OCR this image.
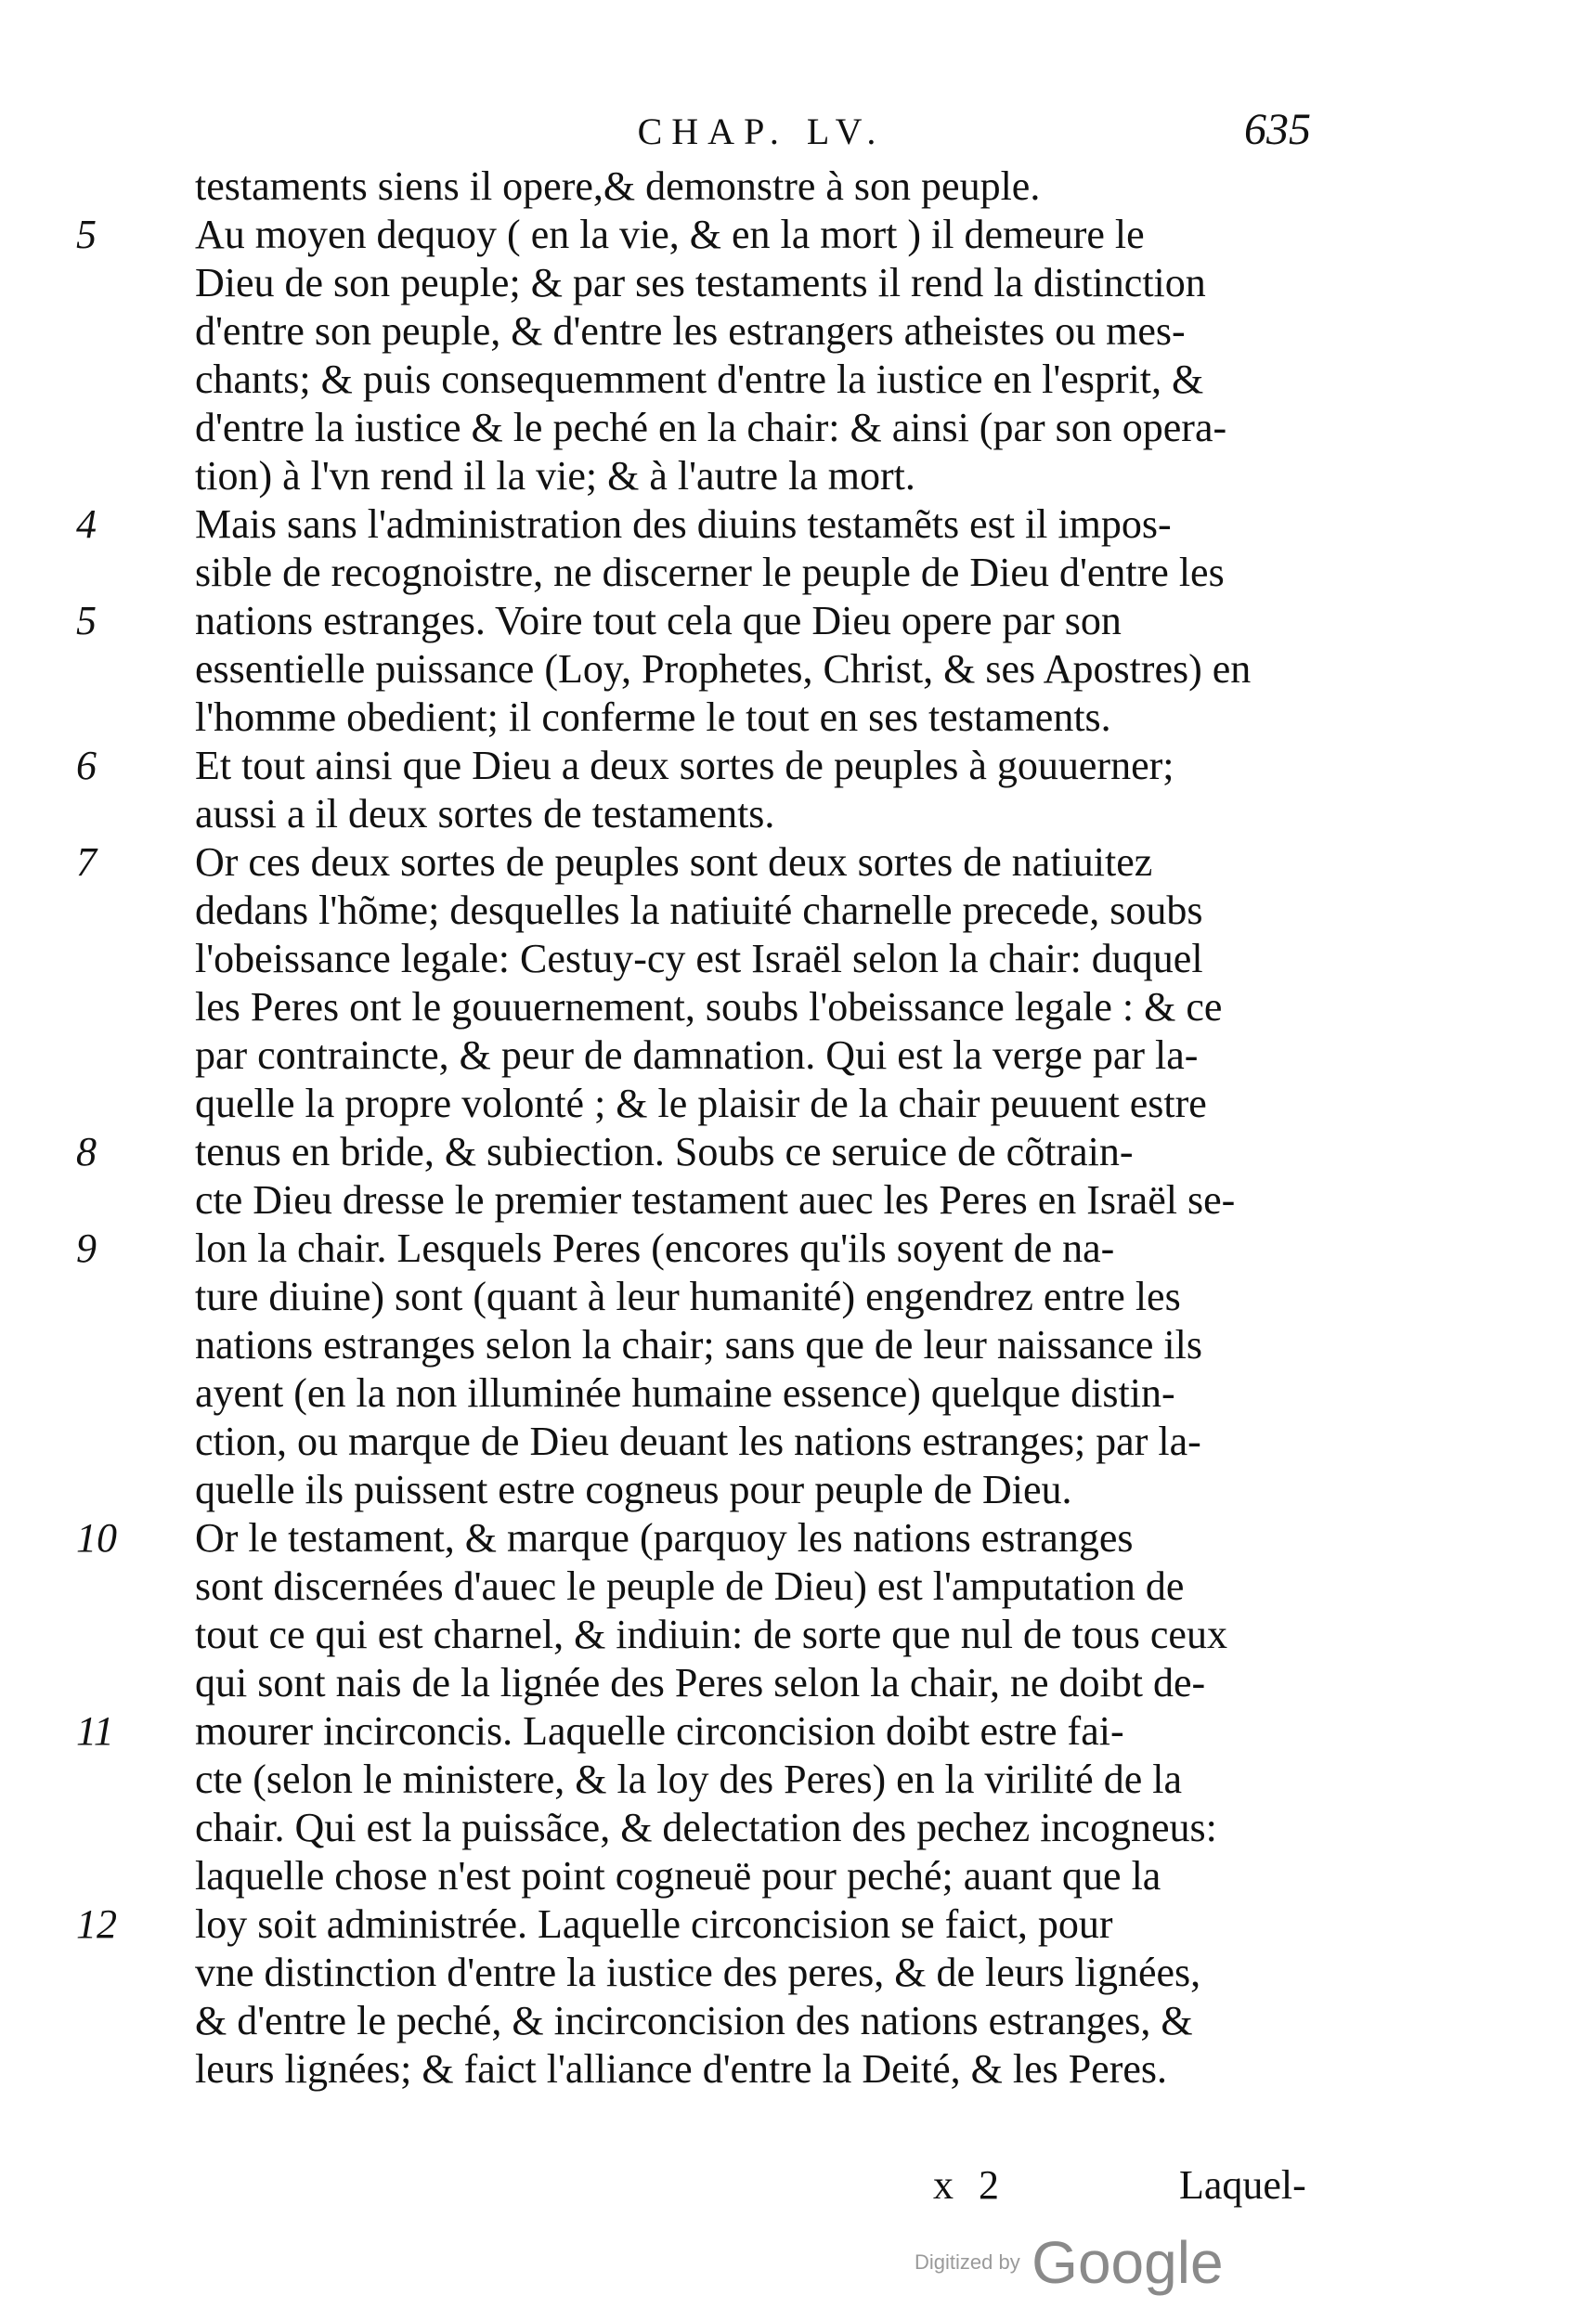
CHAP. LV.	635
testaments siens il opere,& demonstre à son peuple.
Au moyen dequoy ( en la vie, & en la mort ) il demeure le
Dieu de son peuple; & par ses testaments il rend la distinction
d'entre son peuple, & d'entre les estrangers atheistes ou mes-
chants; & puis consequemment d'entre la iustice en l'esprit, &
d'entre la iustice & le peché en la chair: & ainsi (par son opera-
tion) à l'vn rend il la vie; & à l'autre la mort.
Mais sans l'administration des diuins testamẽts est il impos-
sible de recognoistre, ne discerner le peuple de Dieu d'entre les
nations estranges. Voire tout cela que Dieu opere par son
essentielle puissance (Loy, Prophetes, Christ, & ses Apostres) en
l'homme obedient; il conferme le tout en ses testaments.
Et tout ainsi que Dieu a deux sortes de peuples à gouuerner;
aussi a il deux sortes de testaments.
Or ces deux sortes de peuples sont deux sortes de natiuitez
dedans l'hõme; desquelles la natiuité charnelle precede, soubs
l'obeissance legale: Cestuy-cy est Israël selon la chair: duquel
les Peres ont le gouuernement, soubs l'obeissance legale : & ce
par contraincte, & peur de damnation. Qui est la verge par la-
quelle la propre volonté ; & le plaisir de la chair peuuent estre
tenus en bride, & subiection. Soubs ce seruice de cõtrain-
cte Dieu dresse le premier testament auec les Peres en Israël se-
lon la chair. Lesquels Peres (encores qu'ils soyent de na-
ture diuine) sont (quant à leur humanité) engendrez entre les
nations estranges selon la chair; sans que de leur naissance ils
ayent (en la non illuminée humaine essence) quelque distin-
ction, ou marque de Dieu deuant les nations estranges; par la-
quelle ils puissent estre cogneus pour peuple de Dieu.
Or le testament, & marque (parquoy les nations estranges
sont discernées d'auec le peuple de Dieu) est l'amputation de
tout ce qui est charnel, & indiuin: de sorte que nul de tous ceux
qui sont nais de la lignée des Peres selon la chair, ne doibt de-
mourer incirconcis. Laquelle circoncision doibt estre fai-
cte (selon le ministere, & la loy des Peres) en la virilité de la
chair. Qui est la puissãce, & delectation des pechez incogneus:
laquelle chose n'est point cogneuë pour peché; auant que la
loy soit administrée. Laquelle circoncision se faict, pour
vne distinction d'entre la iustice des peres, & de leurs lignées,
& d'entre le peché, & incirconcision des nations estranges, &
leurs lignées; & faict l'alliance d'entre la Deité, & les Peres.
5
4
5
6
7
8
9
10
11
12
x 2	Laquel-
Digitized by Google
